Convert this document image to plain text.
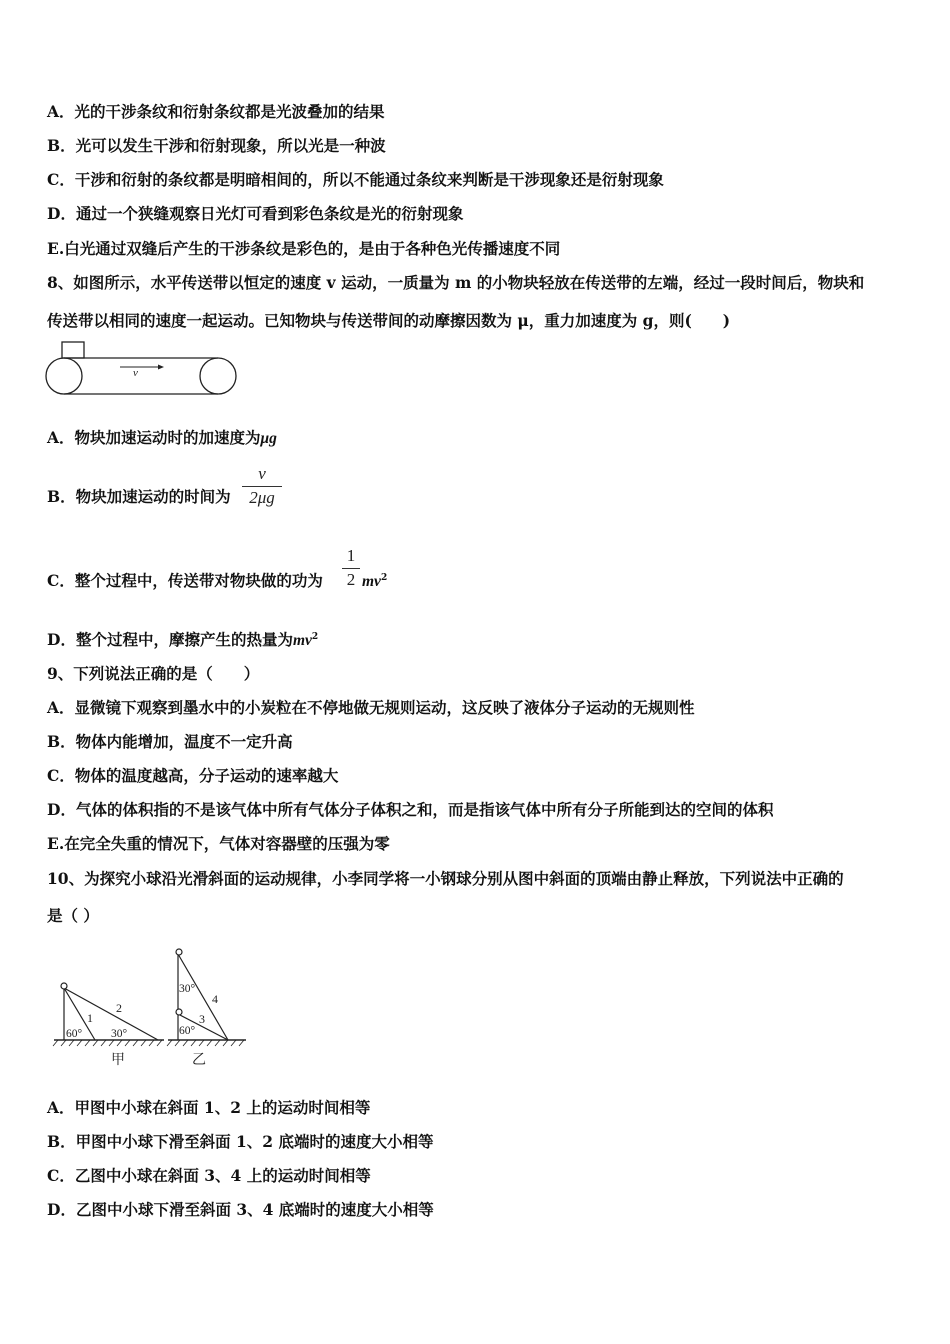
A．光的干涉条纹和衍射条纹都是光波叠加的结果
B．光可以发生干涉和衍射现象，所以光是一种波
C．干涉和衍射的条纹都是明暗相间的，所以不能通过条纹来判断是干涉现象还是衍射现象
D．通过一个狭缝观察日光灯可看到彩色条纹是光的衍射现象
E.白光通过双缝后产生的干涉条纹是彩色的，是由于各种色光传播速度不同
8、如图所示，水平传送带以恒定的速度 v 运动，一质量为 m 的小物块轻放在传送带的左端，经过一段时间后，物块和
传送带以相同的速度一起运动。已知物块与传送带间的动摩擦因数为 μ，重力加速度为 g，则(　　)
v
A．物块加速运动时的加速度为μg
B．物块加速运动的时间为
v
2μg
C．整个过程中，传送带对物块做的功为
1
2 $mv^2$
D．整个过程中，摩擦产生的热量为$mv^2$
9、下列说法正确的是（　　）
A．显微镜下观察到墨水中的小炭粒在不停地做无规则运动，这反映了液体分子运动的无规则性
B．物体内能增加，温度不一定升高
C．物体的温度越高，分子运动的速率越大
D．气体的体积指的不是该气体中所有气体分子体积之和，而是指该气体中所有分子所能到达的空间的体积
E.在完全失重的情况下，气体对容器壁的压强为零
10、为探究小球沿光滑斜面的运动规律，小李同学将一小钢球分别从图中斜面的顶端由静止释放，下列说法中正确的
是（ ）
1
2
60°	30°
甲
30°
60°
3
4
乙
A．甲图中小球在斜面 1、2 上的运动时间相等
B．甲图中小球下滑至斜面 1、2 底端时的速度大小相等
C．乙图中小球在斜面 3、4 上的运动时间相等
D．乙图中小球下滑至斜面 3、4 底端时的速度大小相等
